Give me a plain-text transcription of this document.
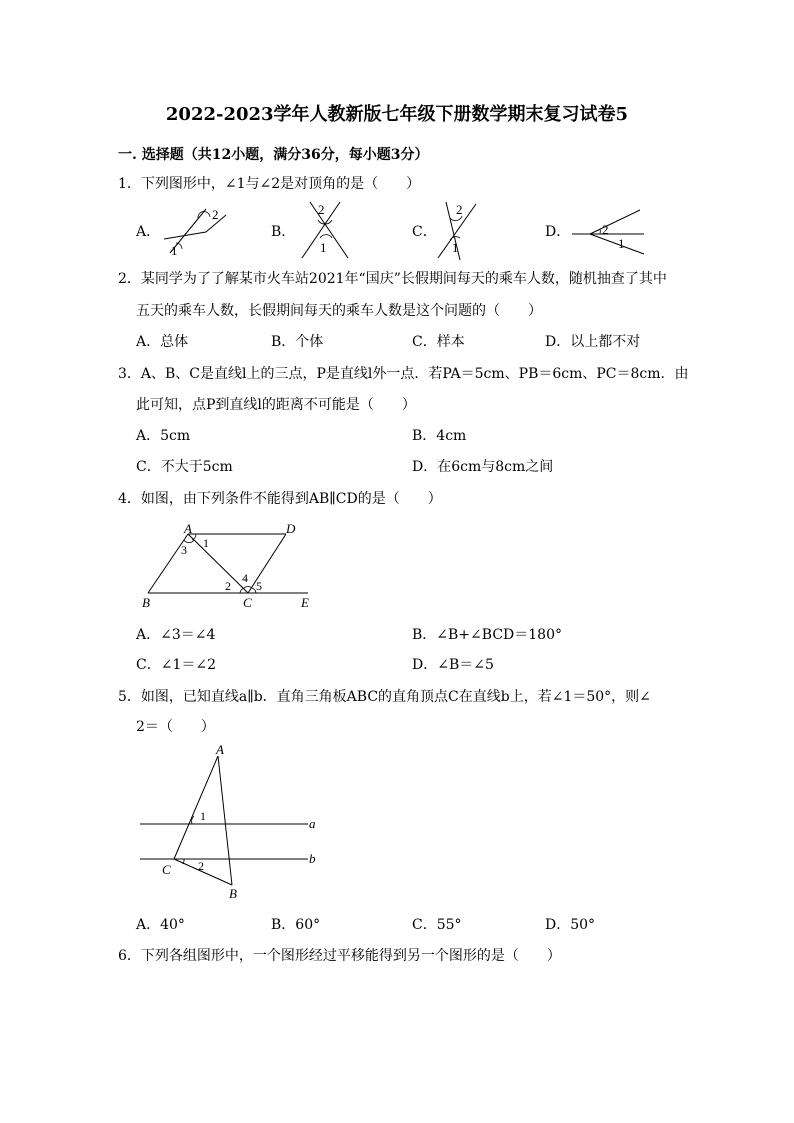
2022-2023学年人教新版七年级下册数学期末复习试卷5
一. 选择题（共12小题，满分36分，每小题3分）
1．下列图形中，∠1与∠2是对顶角的是（　　）
A．	B．	C．	D．
2
1
2
1
2
1
2
1
2．某同学为了了解某市火车站2021年“国庆”长假期间每天的乘车人数，随机抽查了其中
五天的乘车人数，长假期间每天的乘车人数是这个问题的（　　）
A．总体	B．个体	C．样本	D．以上都不对
3．A、B、C是直线l上的三点，P是直线l外一点．若PA＝5cm、PB＝6cm、PC＝8cm．由
此可知，点P到直线l的距离不可能是（　　）
A．5cm	B．4cm
C．不大于5cm	D．在6cm与8cm之间
4．如图，由下列条件不能得到AB∥CD的是（　　）
A	D
1
3
4
2 5
B	C	E
A．∠3＝∠4	B．∠B+∠BCD＝180°
C．∠1＝∠2	D．∠B＝∠5
5．如图，已知直线a∥b．直角三角板ABC的直角顶点C在直线b上，若∠1＝50°，则∠
2＝（　　）
A
1	a
b
2
C
B
A．40°	B．60°	C．55°	D．50°
6．下列各组图形中，一个图形经过平移能得到另一个图形的是（　　）
